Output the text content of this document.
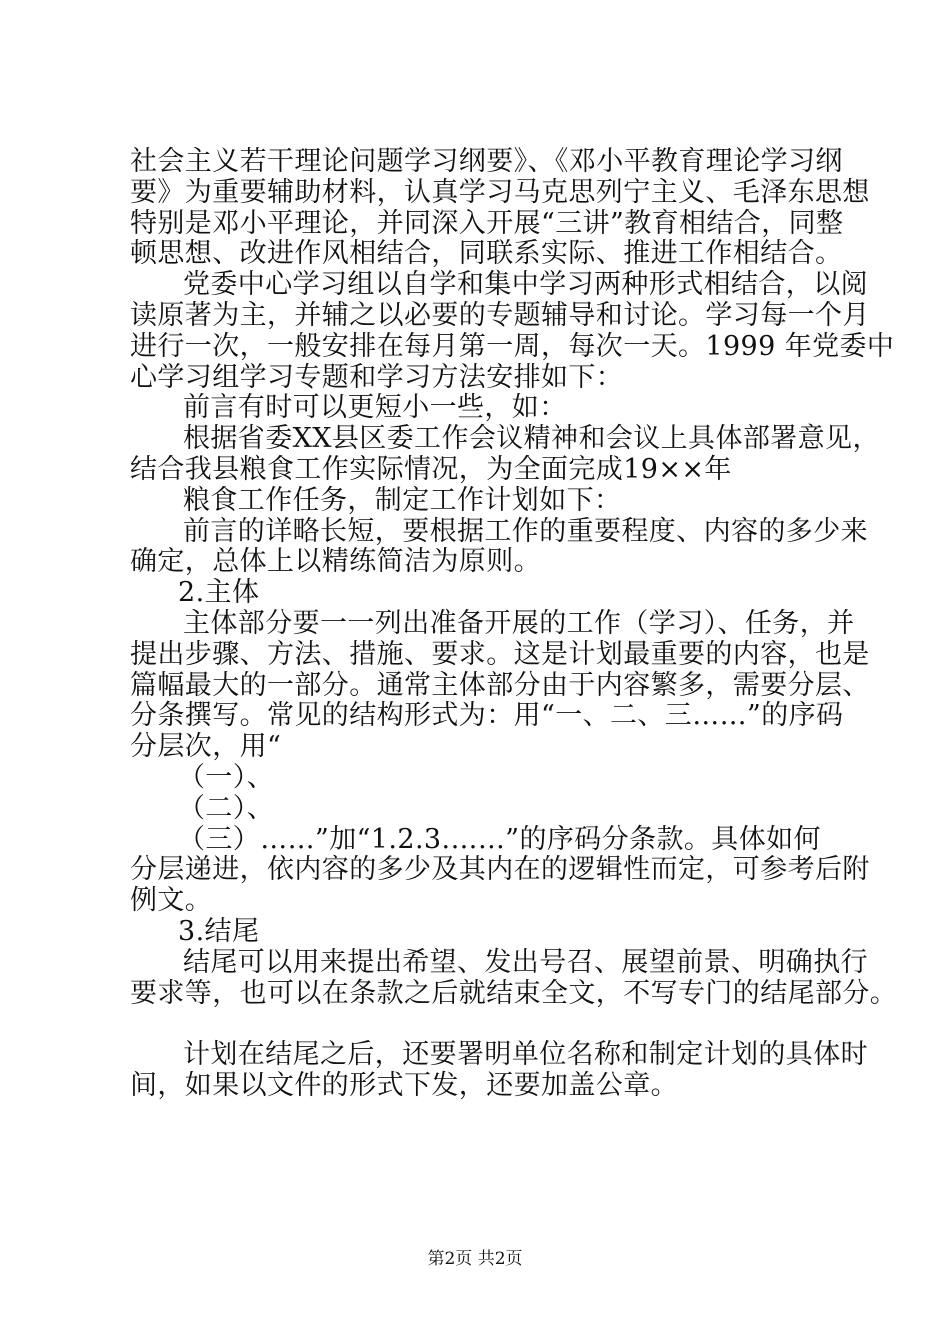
社会主义若干理论问题学习纲要》、《邓小平教育理论学习纲
要》为重要辅助材料，认真学习马克思列宁主义、毛泽东思想
特别是邓小平理论，并同深入开展“三讲”教育相结合，同整
顿思想、改进作风相结合，同联系实际、推进工作相结合。
党委中心学习组以自学和集中学习两种形式相结合，以阅
读原著为主，并辅之以必要的专题辅导和讨论。学习每一个月
进行一次，一般安排在每月第一周，每次一天。1999 年党委中
心学习组学习专题和学习方法安排如下：
前言有时可以更短小一些，如：
根据省委XX县区委工作会议精神和会议上具体部署意见，
结合我县粮食工作实际情况，为全面完成19××年
粮食工作任务，制定工作计划如下：
前言的详略长短，要根据工作的重要程度、内容的多少来
确定，总体上以精练简洁为原则。
2.主体
主体部分要一一列出准备开展的工作（学习）、任务，并
提出步骤、方法、措施、要求。这是计划最重要的内容，也是
篇幅最大的一部分。通常主体部分由于内容繁多，需要分层、
分条撰写。常见的结构形式为：用“一、二、三……”的序码
分层次，用“
（一）、
（二）、
（三）……”加“1.2.3.……”的序码分条款。具体如何
分层递进，依内容的多少及其内在的逻辑性而定，可参考后附
例文。
3.结尾
结尾可以用来提出希望、发出号召、展望前景、明确执行
要求等，也可以在条款之后就结束全文，不写专门的结尾部分。
计划在结尾之后，还要署明单位名称和制定计划的具体时
间，如果以文件的形式下发，还要加盖公章。
第2页 共2页
